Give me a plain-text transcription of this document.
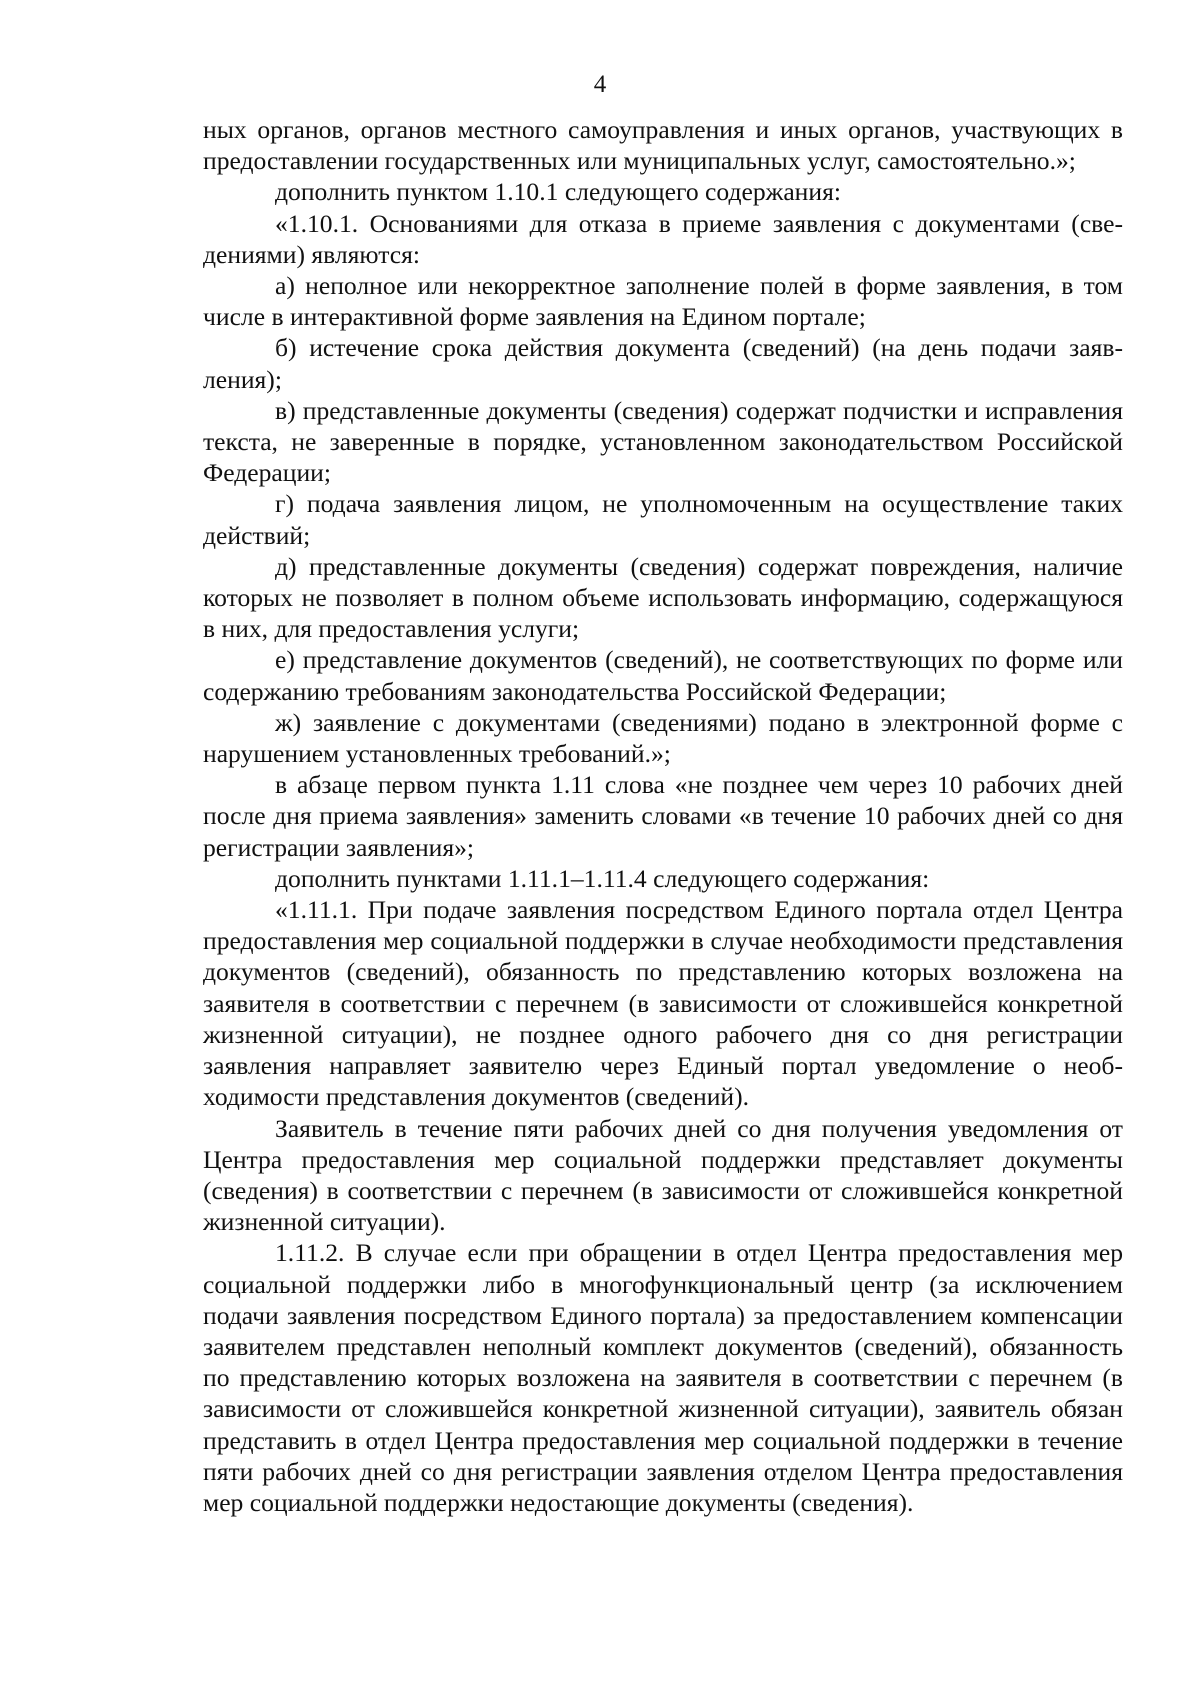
4

ных органов, органов местного самоуправления и иных органов, участвующих в предоставлении государственных или муниципальных услуг, самостоятельно.»;

дополнить пунктом 1.10.1 следующего содержания:

«1.10.1. Основаниями для отказа в приеме заявления с документами (сведениями) являются:

а) неполное или некорректное заполнение полей в форме заявления, в том числе в интерактивной форме заявления на Едином портале;

б) истечение срока действия документа (сведений) (на день подачи заявления);

в) представленные документы (сведения) содержат подчистки и исправления текста, не заверенные в порядке, установленном законодательством Российской Федерации;

г) подача заявления лицом, не уполномоченным на осуществление таких действий;

д) представленные документы (сведения) содержат повреждения, наличие которых не позволяет в полном объеме использовать информацию, содержащуюся в них, для предоставления услуги;

е) представление документов (сведений), не соответствующих по форме или содержанию требованиям законодательства Российской Федерации;

ж) заявление с документами (сведениями) подано в электронной форме с нарушением установленных требований.»;

в абзаце первом пункта 1.11 слова «не позднее чем через 10 рабочих дней после дня приема заявления» заменить словами «в течение 10 рабочих дней со дня регистрации заявления»;

дополнить пунктами 1.11.1–1.11.4 следующего содержания:

«1.11.1. При подаче заявления посредством Единого портала отдел Центра предоставления мер социальной поддержки в случае необходимости представления документов (сведений), обязанность по представлению которых возложена на заявителя в соответствии с перечнем (в зависимости от сложившейся конкретной жизненной ситуации), не позднее одного рабочего дня со дня регистрации заявления направляет заявителю через Единый портал уведомление о необходимости представления документов (сведений).

Заявитель в течение пяти рабочих дней со дня получения уведомления от Центра предоставления мер социальной поддержки представляет документы (сведения) в соответствии с перечнем (в зависимости от сложившейся конкретной жизненной ситуации).

1.11.2. В случае если при обращении в отдел Центра предоставления мер социальной поддержки либо в многофункциональный центр (за исключением подачи заявления посредством Единого портала) за предоставлением компенсации заявителем представлен неполный комплект документов (сведений), обязанность по представлению которых возложена на заявителя в соответствии с перечнем (в зависимости от сложившейся конкретной жизненной ситуации), заявитель обязан представить в отдел Центра предоставления мер социальной поддержки в течение пяти рабочих дней со дня регистрации заявления отделом Центра предоставления мер социальной поддержки недостающие документы (сведения).
